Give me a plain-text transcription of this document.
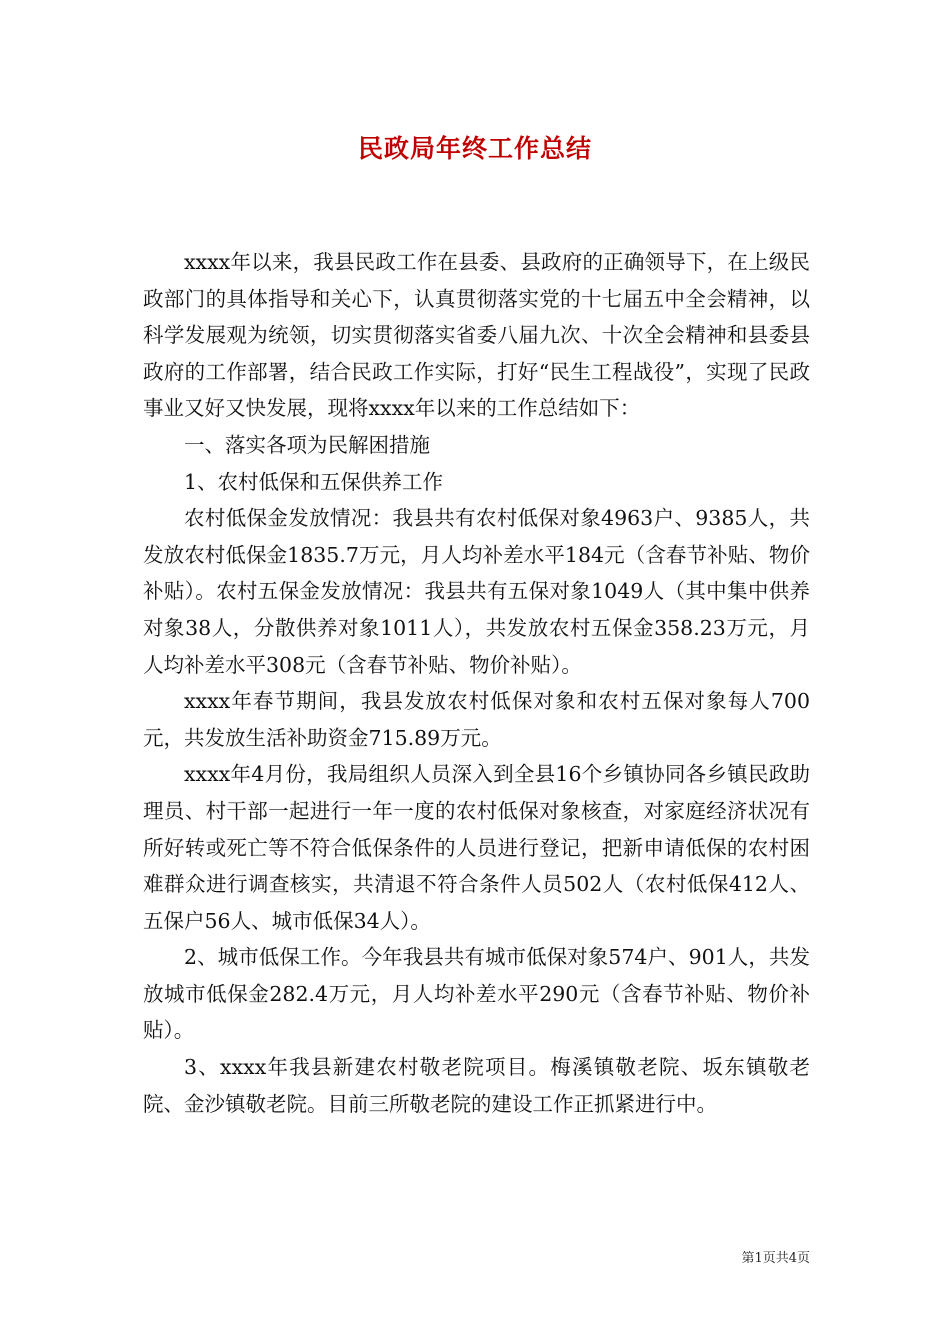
民政局年终工作总结

xxxx年以来，我县民政工作在县委、县政府的正确领导下，在上级民政部门的具体指导和关心下，认真贯彻落实党的十七届五中全会精神，以科学发展观为统领，切实贯彻落实省委八届九次、十次全会精神和县委县政府的工作部署，结合民政工作实际，打好“民生工程战役”，实现了民政事业又好又快发展，现将xxxx年以来的工作总结如下：

一、落实各项为民解困措施

1、农村低保和五保供养工作

农村低保金发放情况：我县共有农村低保对象4963户、9385人，共发放农村低保金1835.7万元，月人均补差水平184元（含春节补贴、物价补贴）。农村五保金发放情况：我县共有五保对象1049人（其中集中供养对象38人，分散供养对象1011人），共发放农村五保金358.23万元，月人均补差水平308元（含春节补贴、物价补贴）。

xxxx年春节期间，我县发放农村低保对象和农村五保对象每人700元，共发放生活补助资金715.89万元。

xxxx年4月份，我局组织人员深入到全县16个乡镇协同各乡镇民政助理员、村干部一起进行一年一度的农村低保对象核查，对家庭经济状况有所好转或死亡等不符合低保条件的人员进行登记，把新申请低保的农村困难群众进行调查核实，共清退不符合条件人员502人（农村低保412人、五保户56人、城市低保34人）。

2、城市低保工作。今年我县共有城市低保对象574户、901人，共发放城市低保金282.4万元，月人均补差水平290元（含春节补贴、物价补贴）。

3、xxxx年我县新建农村敬老院项目。梅溪镇敬老院、坂东镇敬老院、金沙镇敬老院。目前三所敬老院的建设工作正抓紧进行中。

第1页共4页
